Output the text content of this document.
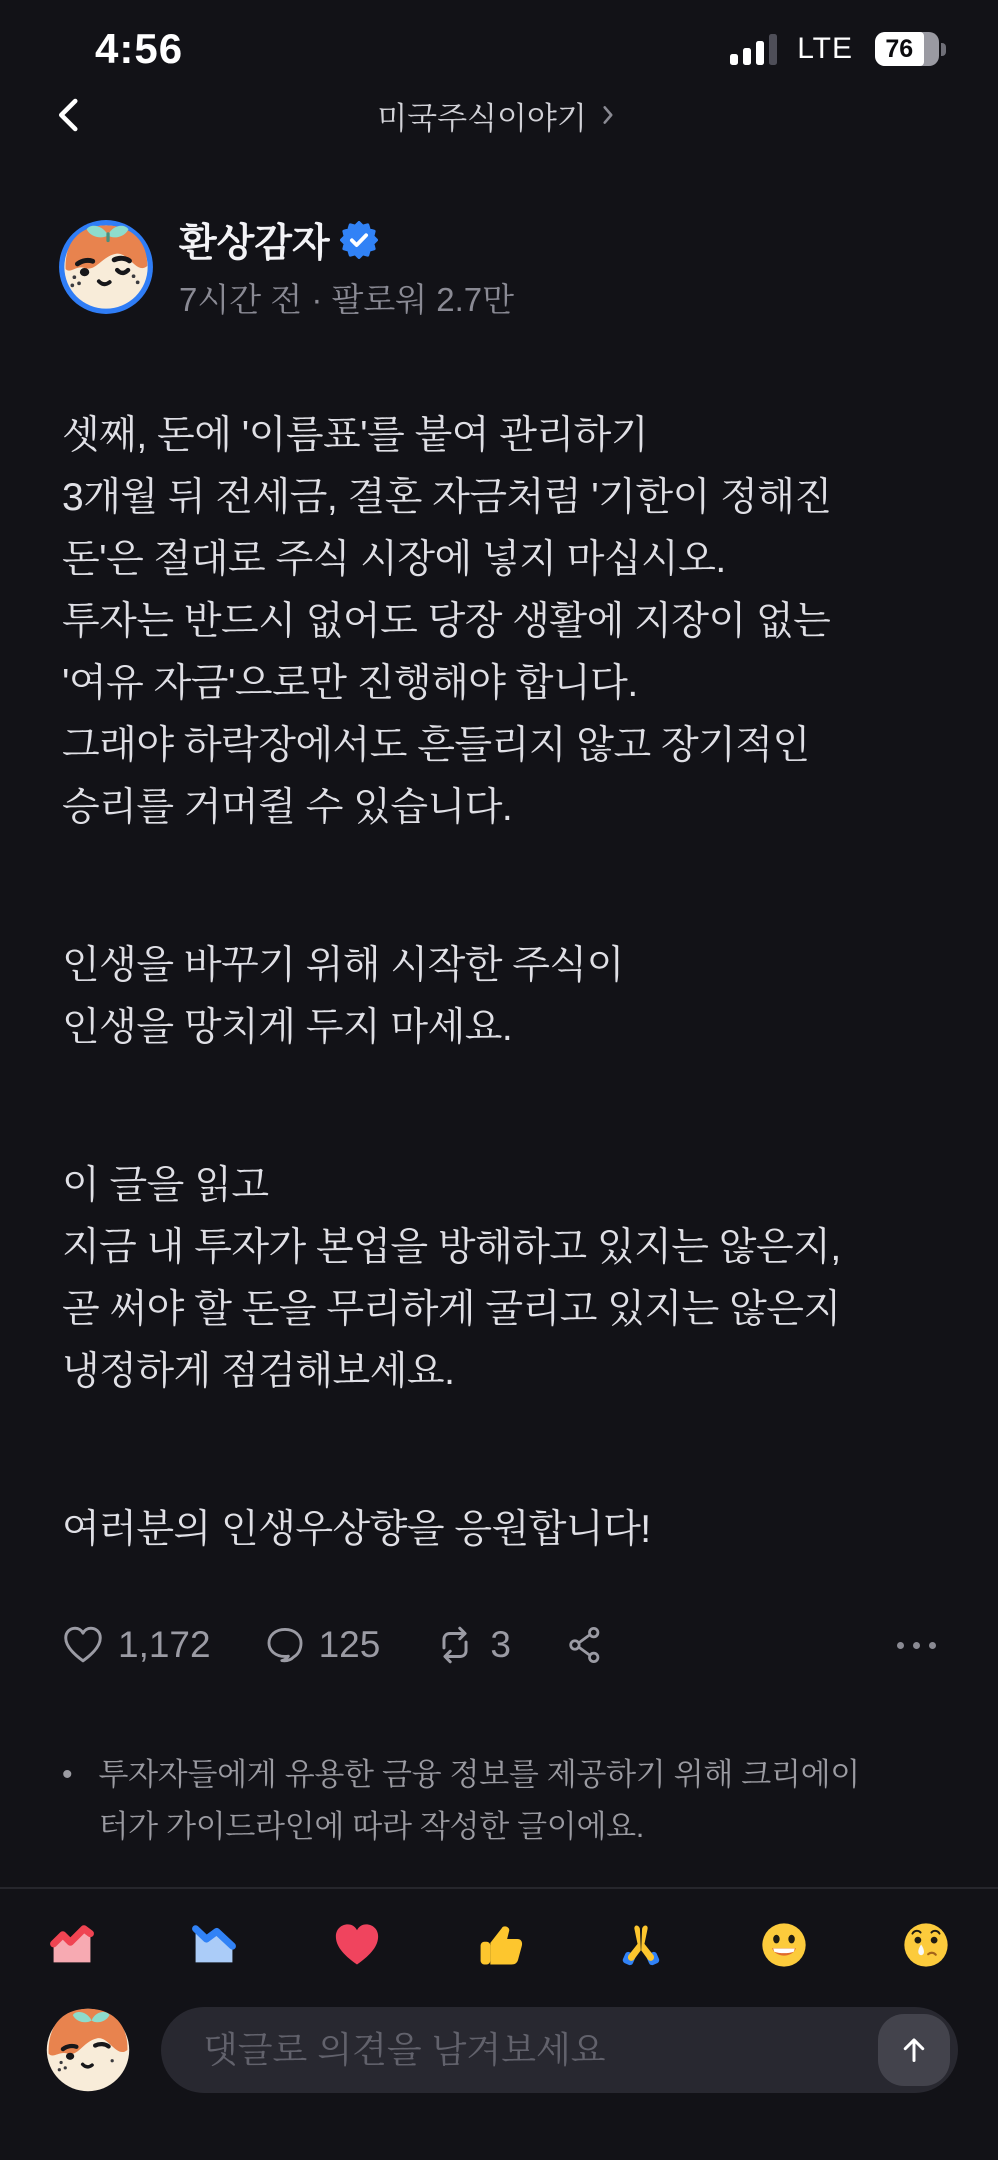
4:56	LTE 76
미국주식이야기
환상감자
7시간 전 · 팔로워 2.7만

셋째, 돈에 '이름표'를 붙여 관리하기
3개월 뒤 전세금, 결혼 자금처럼 '기한이 정해진
돈'은 절대로 주식 시장에 넣지 마십시오.
투자는 반드시 없어도 당장 생활에 지장이 없는
'여유 자금'으로만 진행해야 합니다.
그래야 하락장에서도 흔들리지 않고 장기적인
승리를 거머쥘 수 있습니다.

인생을 바꾸기 위해 시작한 주식이
인생을 망치게 두지 마세요.

이 글을 읽고
지금 내 투자가 본업을 방해하고 있지는 않은지,
곧 써야 할 돈을 무리하게 굴리고 있지는 않은지
냉정하게 점검해보세요.

여러분의 인생우상향을 응원합니다!

1,172	125	3
• 투자자들에게 유용한 금융 정보를 제공하기 위해 크리에이터가 가이드라인에 따라 작성한 글이에요.
댓글로 의견을 남겨보세요
